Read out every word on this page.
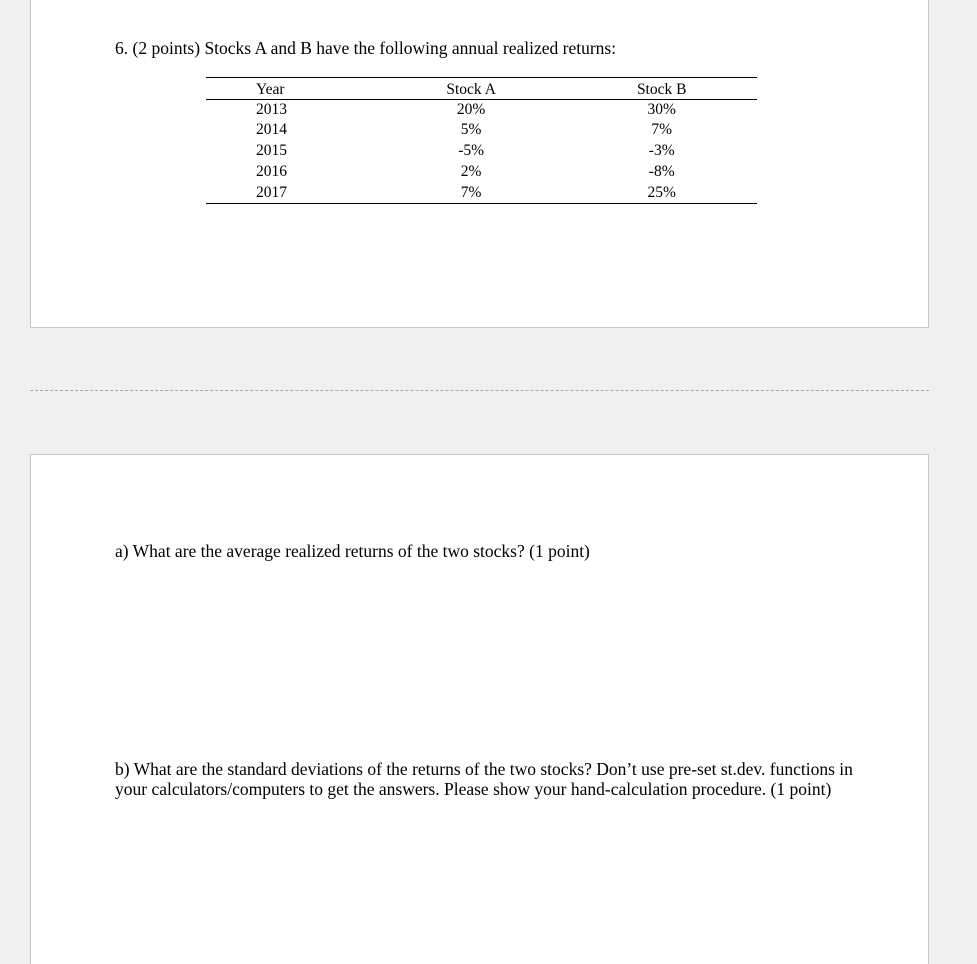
6. (2 points) Stocks A and B have the following annual realized returns:
Year	Stock A	Stock B
2013	20%	30%
2014	5%	7%
2015	-5%	-3%
2016	2%	-8%
2017	7%	25%
a) What are the average realized returns of the two stocks? (1 point)
b) What are the standard deviations of the returns of the two stocks? Don’t use pre-set st.dev. functions in your calculators/computers to get the answers. Please show your hand-calculation procedure. (1 point)
